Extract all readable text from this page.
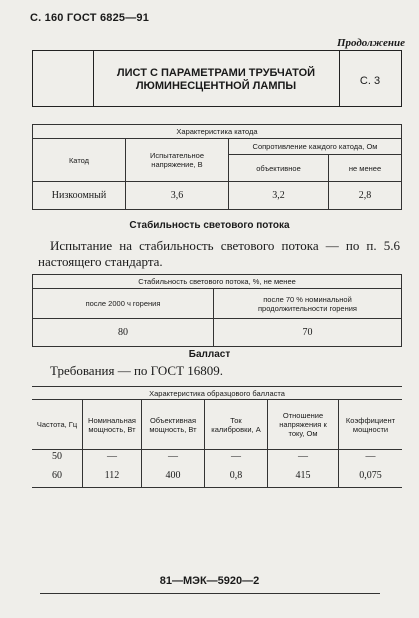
С. 160 ГОСТ 6825—91
Продолжение
ЛИСТ С ПАРАМЕТРАМИ ТРУБЧАТОЙ
ЛЮМИНЕСЦЕНТНОЙ ЛАМПЫ	С. 3
Характеристика катода			
Катод	Испытательное напряжение, В	Сопротивление каждого катода, Ом	
		объективное	не менее
Низкоомный	3,6	3,2	2,8
Стабильность светового потока
Испытание на стабильность светового потока — по п. 5.6 настоящего стандарта.
Стабильность светового потока, %, не менее	
после 2000 ч горения	после 70 % номинальной продолжительности горения
80	70
Балласт
Требования — по ГОСТ 16809.
Характеристика образцового балласта					
Частота, Гц	Номинальная мощность, Вт	Объективная мощность, Вт	Ток калибровки, А	Отношение напряжения к току, Ом	Коэффициент мощности
50	—	—	—	—	—
60	112	400	0,8	415	0,075
81—МЭК—5920—2
